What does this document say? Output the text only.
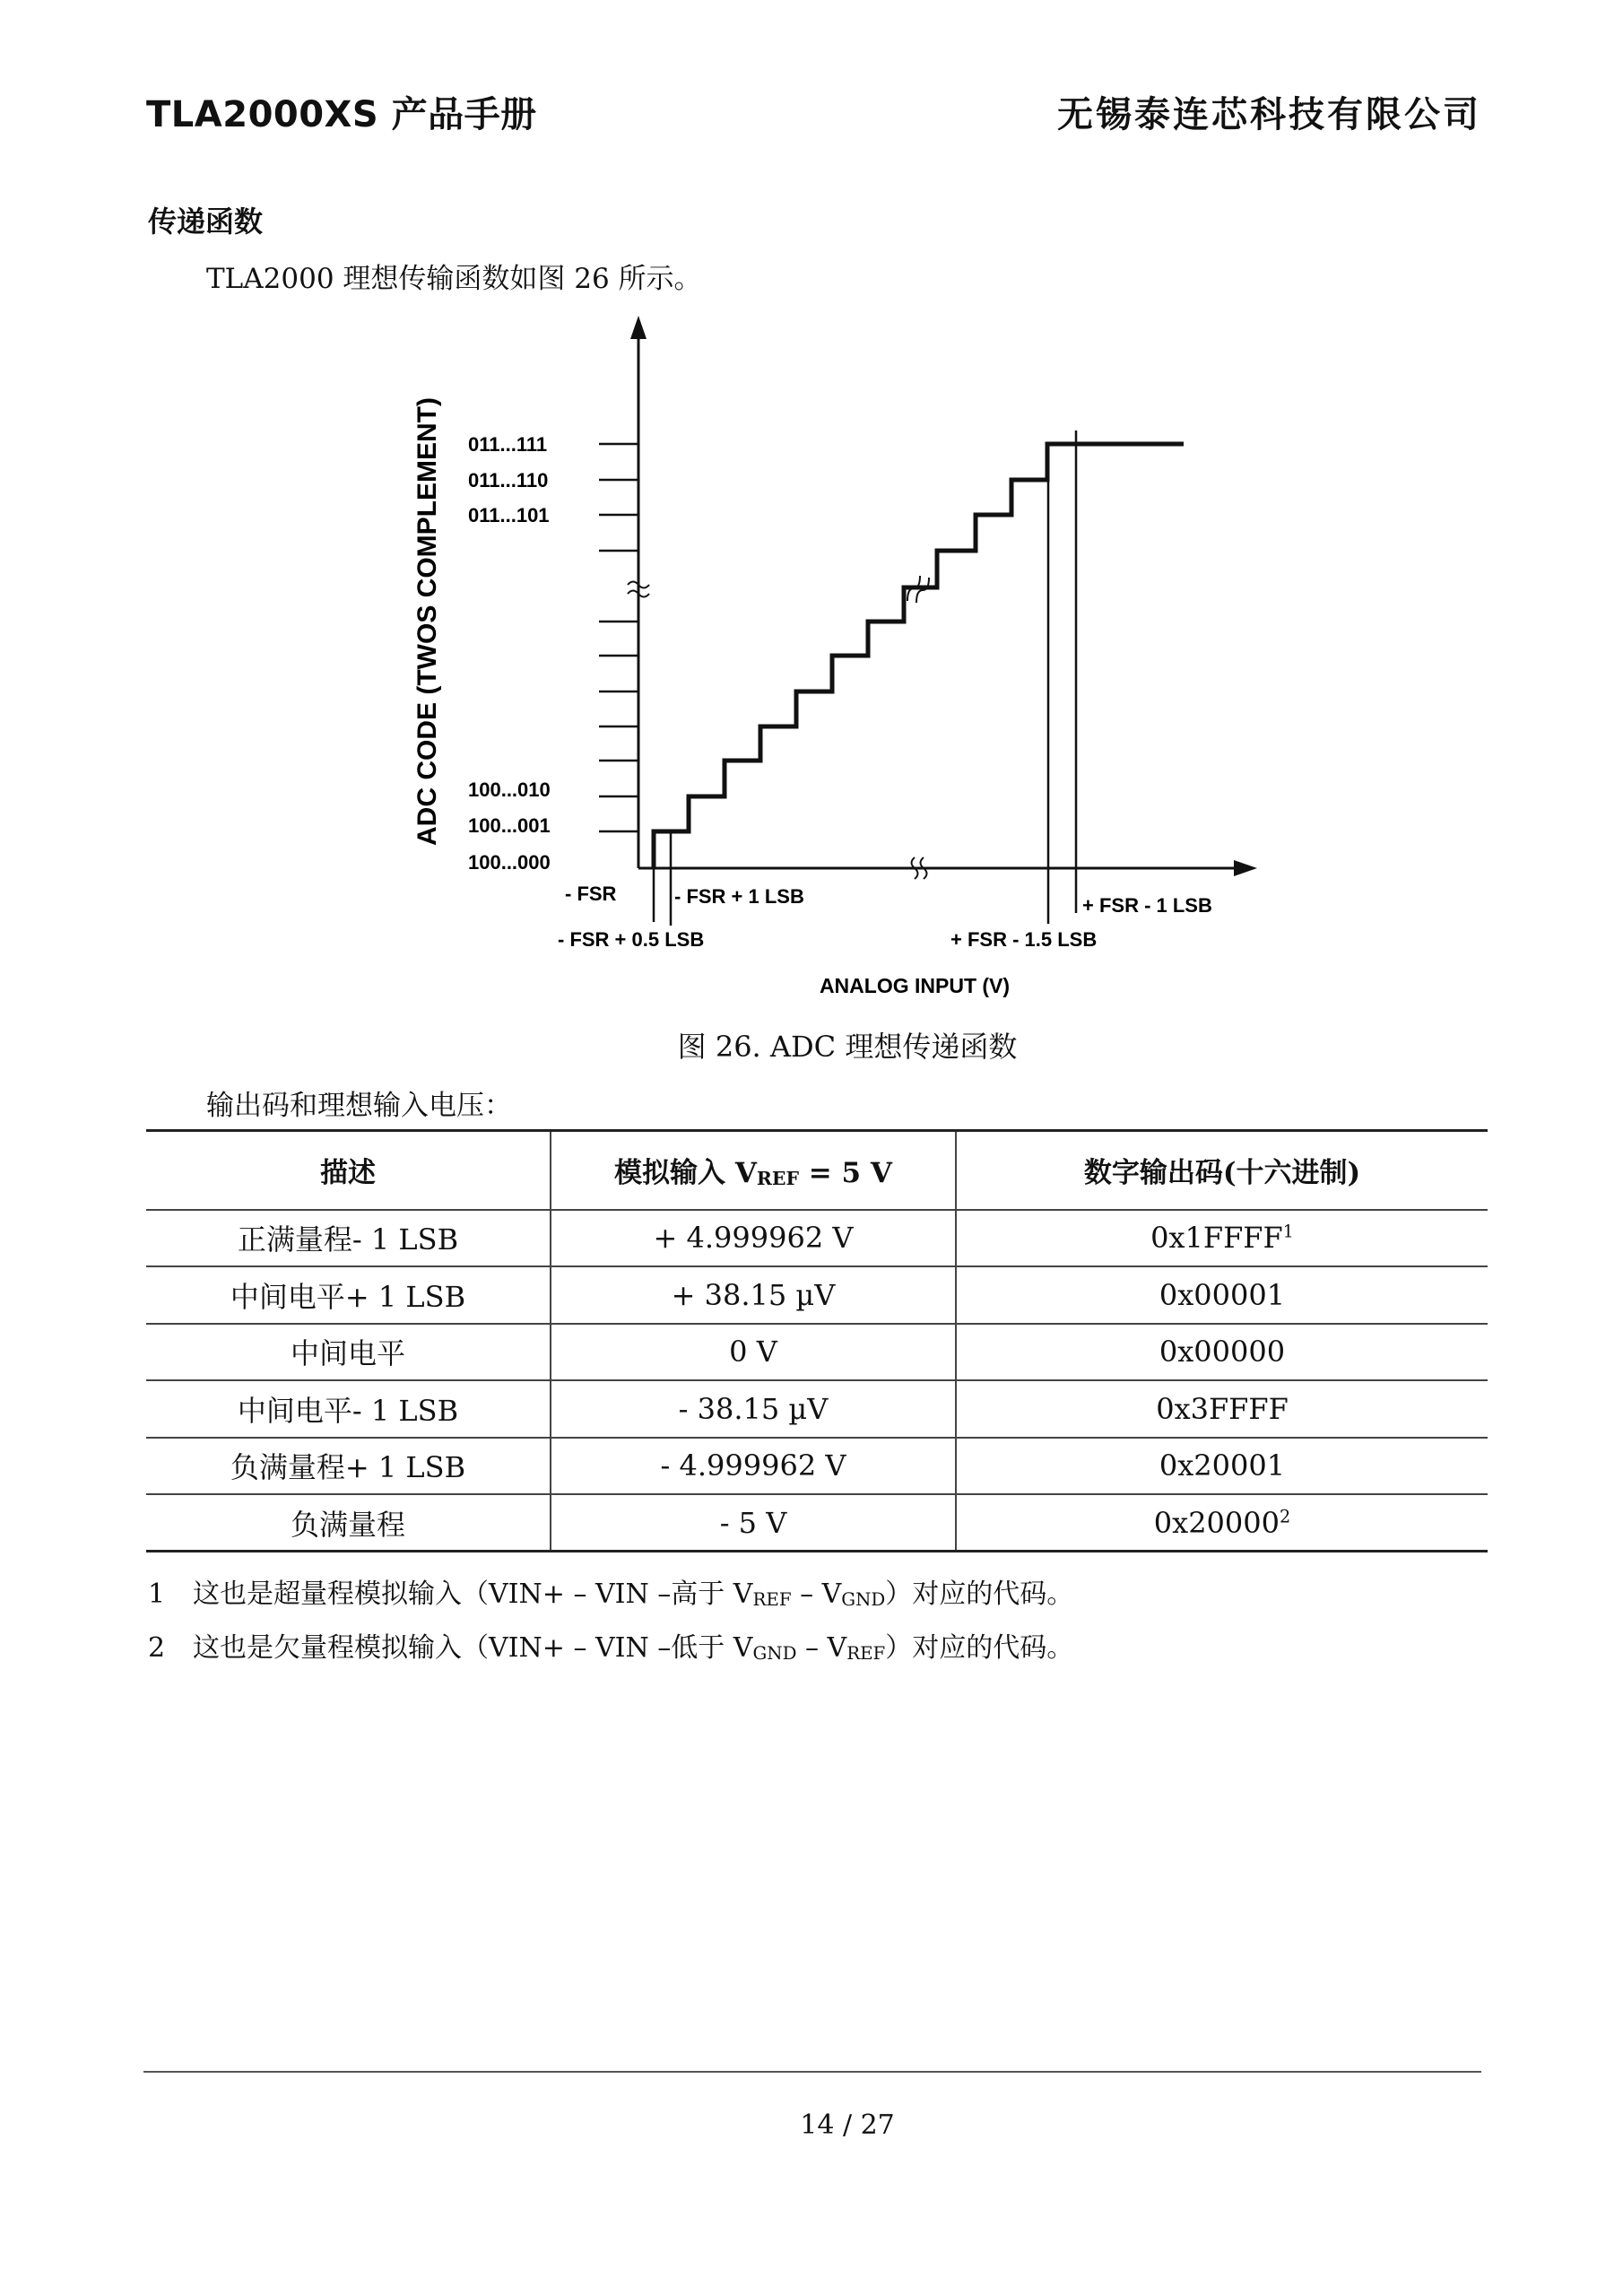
TLA2000XS 产品手册	无锡泰连芯科技有限公司
传递函数
TLA2000 理想传输函数如图 26 所示。
ADC CODE (TWOS COMPLEMENT) 011...111
011...110
011...101
100...010
100...001
100...000
- FSR	- FSR + 1 LSB
- FSR + 0.5 LSB	+ FSR - 1.5 LSB
+ FSR - 1 LSB
ANALOG INPUT (V)
图 26. ADC 理想传递函数
输出码和理想输入电压：
描述	模拟输入 VREF = 5 V	数字输出码(十六进制)
正满量程- 1 LSB	+ 4.999962 V	0x1FFFF$^1$
中间电平+ 1 LSB	+ 38.15 µV	0x00001
中间电平	0 V	0x00000
中间电平- 1 LSB	- 38.15 µV	0x3FFFF
负满量程+ 1 LSB	- 4.999962 V	0x20001
负满量程	- 5 V	0x20000$^2$
1 这也是超量程模拟输入（VIN+ – VIN –高于 VREF – VGND）对应的代码。
2 这也是欠量程模拟输入（VIN+ – VIN –低于 VGND – VREF）对应的代码。
14 / 27
